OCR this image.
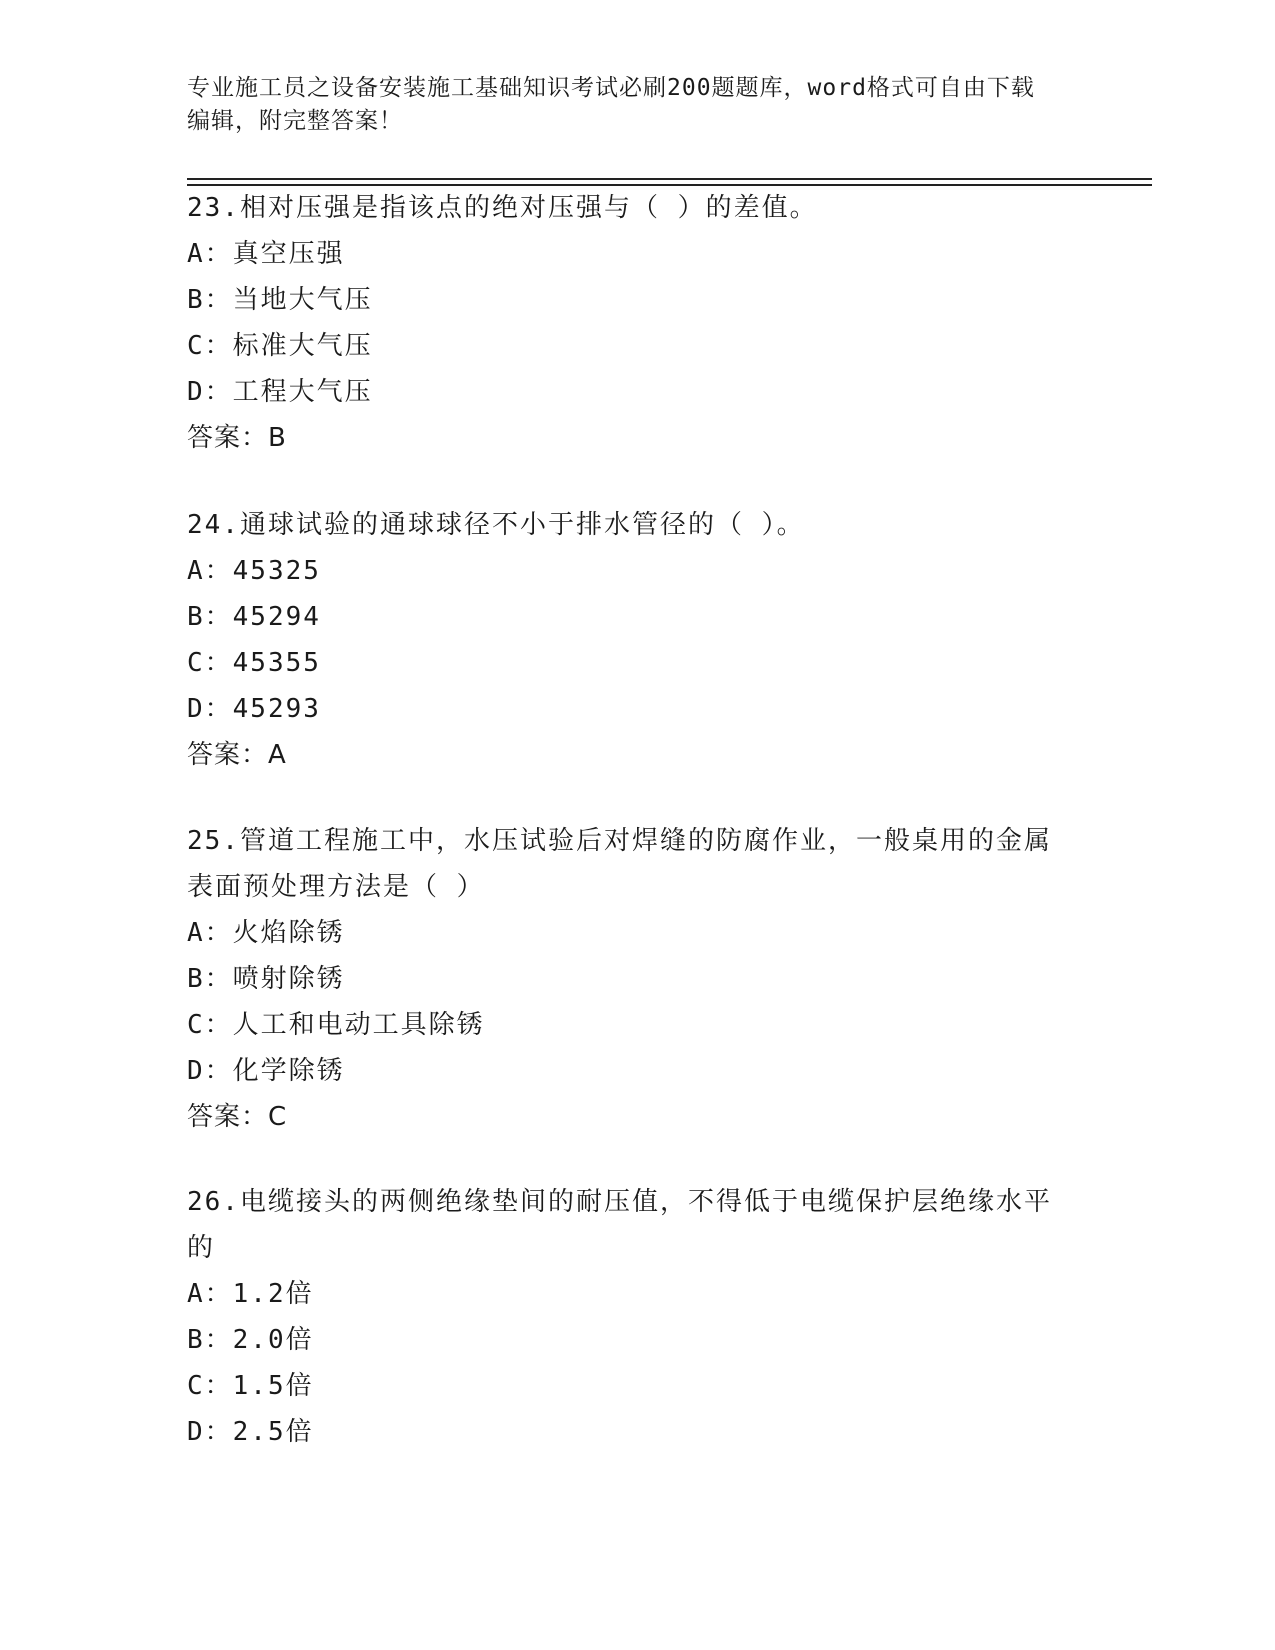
专业施工员之设备安装施工基础知识考试必刷200题题库，word格式可自由下载
编辑，附完整答案！
23.相对压强是指该点的绝对压强与（ ）的差值。
A：真空压强
B：当地大气压
C：标准大气压
D：工程大气压
答案：B
24.通球试验的通球球径不小于排水管径的（ ）。
A：45325
B：45294
C：45355
D：45293
答案：A
25.管道工程施工中，水压试验后对焊缝的防腐作业，一般桌用的金属
表面预处理方法是（ ）
A：火焰除锈
B：喷射除锈
C：人工和电动工具除锈
D：化学除锈
答案：C
26.电缆接头的两侧绝缘垫间的耐压值，不得低于电缆保护层绝缘水平
的
A：1.2倍
B：2.0倍
C：1.5倍
D：2.5倍
